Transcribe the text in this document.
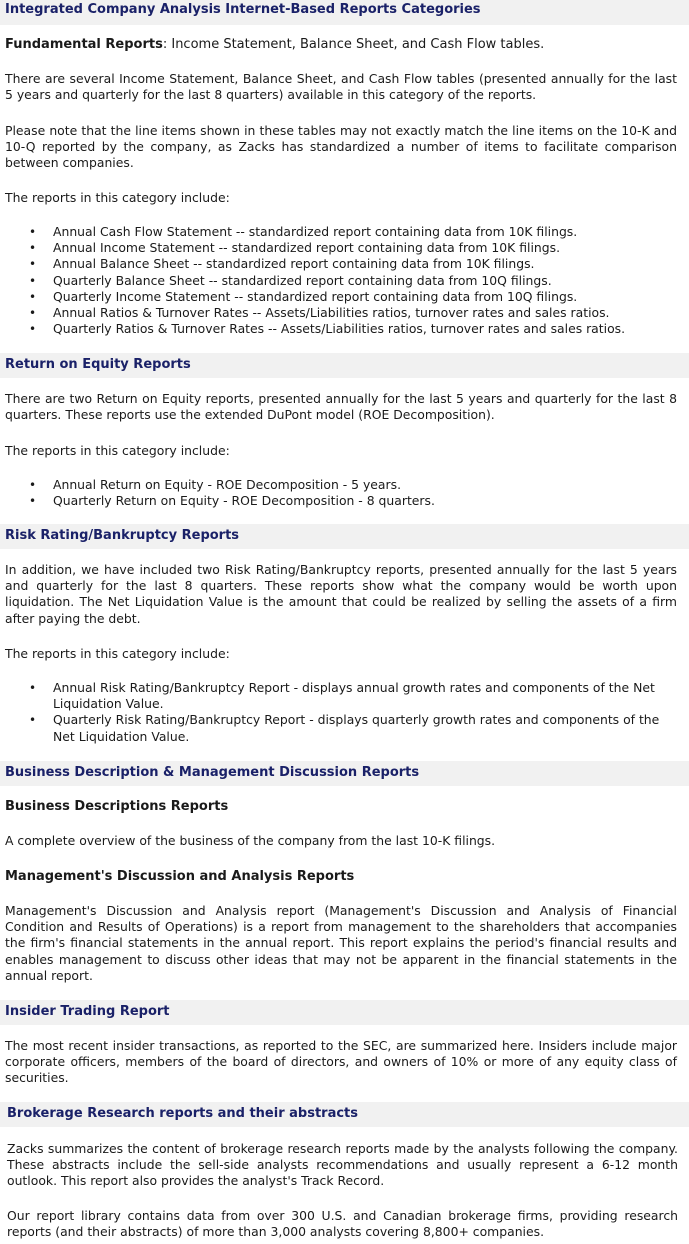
Integrated Company Analysis Internet-Based Reports Categories

Fundamental Reports: Income Statement, Balance Sheet, and Cash Flow tables.

There are several Income Statement, Balance Sheet, and Cash Flow tables (presented annually for the last 5 years and quarterly for the last 8 quarters) available in this category of the reports.

Please note that the line items shown in these tables may not exactly match the line items on the 10-K and 10-Q reported by the company, as Zacks has standardized a number of items to facilitate comparison between companies.

The reports in this category include:

• Annual Cash Flow Statement -- standardized report containing data from 10K filings.
• Annual Income Statement -- standardized report containing data from 10K filings.
• Annual Balance Sheet -- standardized report containing data from 10K filings.
• Quarterly Balance Sheet -- standardized report containing data from 10Q filings.
• Quarterly Income Statement -- standardized report containing data from 10Q filings.
• Annual Ratios & Turnover Rates -- Assets/Liabilities ratios, turnover rates and sales ratios.
• Quarterly Ratios & Turnover Rates -- Assets/Liabilities ratios, turnover rates and sales ratios.
Return on Equity Reports

There are two Return on Equity reports, presented annually for the last 5 years and quarterly for the last 8 quarters. These reports use the extended DuPont model (ROE Decomposition).

The reports in this category include:

• Annual Return on Equity - ROE Decomposition - 5 years.
• Quarterly Return on Equity - ROE Decomposition - 8 quarters.
Risk Rating/Bankruptcy Reports

In addition, we have included two Risk Rating/Bankruptcy reports, presented annually for the last 5 years and quarterly for the last 8 quarters. These reports show what the company would be worth upon liquidation. The Net Liquidation Value is the amount that could be realized by selling the assets of a firm after paying the debt.

The reports in this category include:

• Annual Risk Rating/Bankruptcy Report - displays annual growth rates and components of the Net Liquidation Value.
• Quarterly Risk Rating/Bankruptcy Report - displays quarterly growth rates and components of the Net Liquidation Value.
Business Description & Management Discussion Reports
Business Descriptions Reports

A complete overview of the business of the company from the last 10-K filings.

Management's Discussion and Analysis Reports

Management's Discussion and Analysis report (Management's Discussion and Analysis of Financial Condition and Results of Operations) is a report from management to the shareholders that accompanies the firm's financial statements in the annual report. This report explains the period's financial results and enables management to discuss other ideas that may not be apparent in the financial statements in the annual report.

Insider Trading Report

The most recent insider transactions, as reported to the SEC, are summarized here. Insiders include major corporate officers, members of the board of directors, and owners of 10% or more of any equity class of securities.

Brokerage Research reports and their abstracts

Zacks summarizes the content of brokerage research reports made by the analysts following the company. These abstracts include the sell-side analysts recommendations and usually represent a 6-12 month outlook. This report also provides the analyst's Track Record.

Our report library contains data from over 300 U.S. and Canadian brokerage firms, providing research reports (and their abstracts) of more than 3,000 analysts covering 8,800+ companies.
